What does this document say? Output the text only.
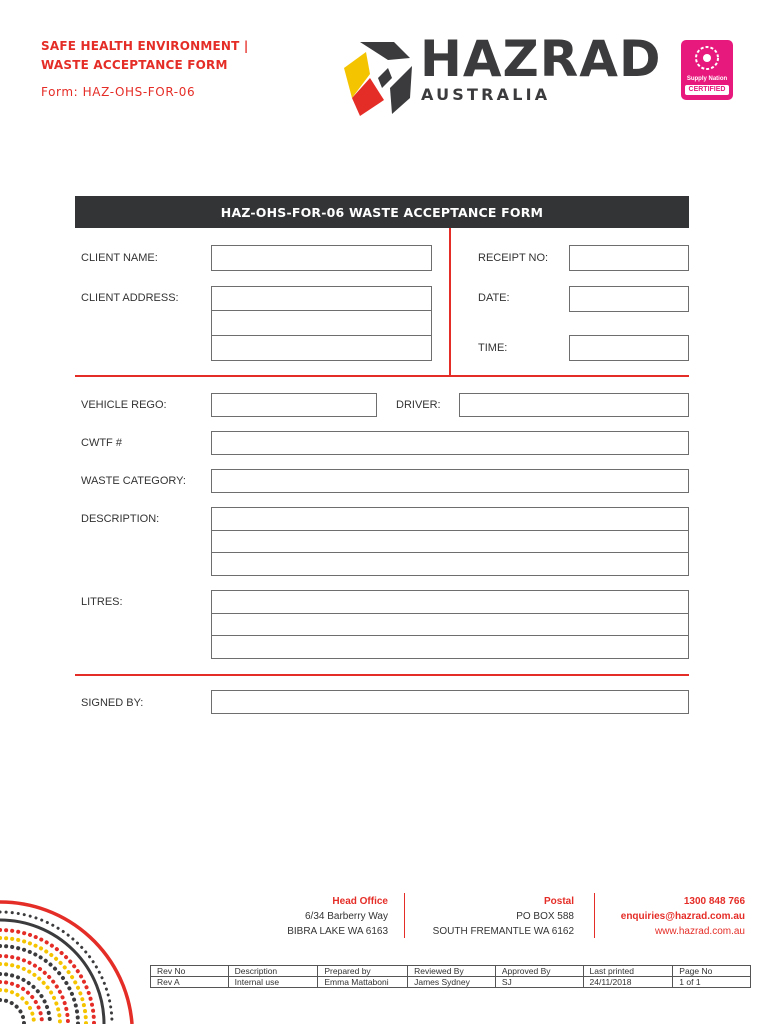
SAFE HEALTH ENVIRONMENT |
WASTE ACCEPTANCE FORM
Form: HAZ-OHS-FOR-06
HAZRAD
AUSTRALIA
Supply Nation
CERTIFIED
HAZ-OHS-FOR-06 WASTE ACCEPTANCE FORM
CLIENT NAME:	RECEIPT NO:
CLIENT ADDRESS:	DATE:
TIME:
VEHICLE REGO:	DRIVER:
CWTF #
WASTE CATEGORY:
DESCRIPTION:
LITRES:
SIGNED BY:
Head Office
6/34 Barberry Way
BIBRA LAKE WA 6163
Postal
PO BOX 588
SOUTH FREMANTLE WA 6162
1300 848 766
enquiries@hazrad.com.au
www.hazrad.com.au
Rev No	Description	Prepared by	Reviewed By	Approved By	Last printed	Page No
Rev A	Internal use	Emma Mattaboni	James Sydney	SJ	24/11/2018	1 of 1
